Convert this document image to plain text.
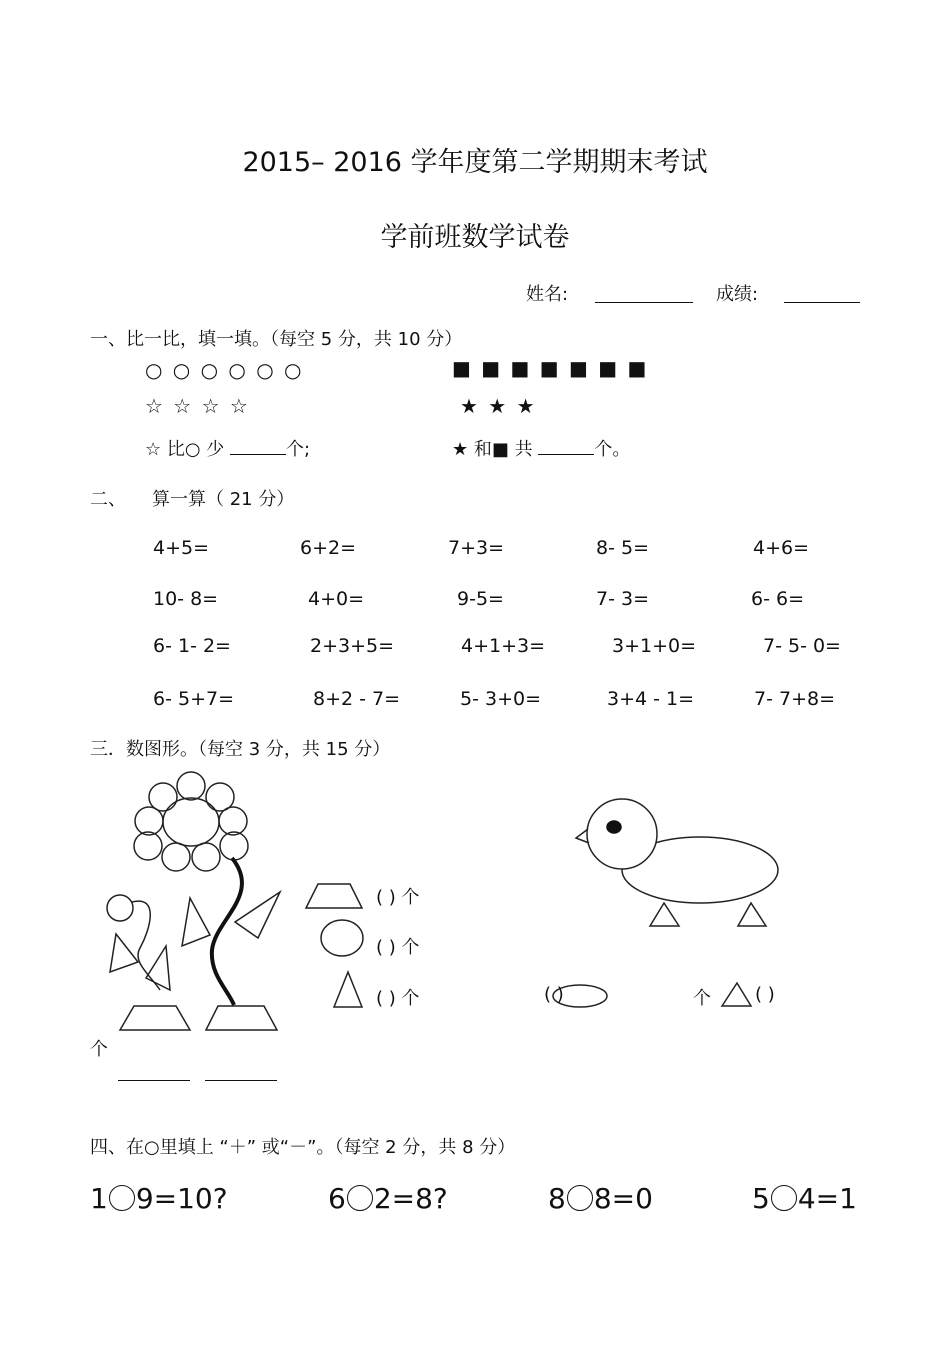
2015– 2016 学年度第二学期期末考试
学前班数学试卷
姓名:	成绩:
一、比一比，填一填。（每空 5 分，共 10 分）
○ ○ ○ ○ ○ ○	■ ■ ■ ■ ■ ■ ■
☆ ☆ ☆ ☆	★ ★ ★
☆ 比○ 少	个;	★ 和■ 共	个。
二、 算一算（ 21 分）
4+5=	6+2=	7+3=	8- 5=	4+6=
10- 8=	4+0=	9-5=	7- 3=	6- 6=
6- 1- 2=	2+3+5=	4+1+3=	3+1+0=	7- 5- 0=
6- 5+7=	8+2 - 7=	5- 3+0=	3+4 - 1=	7- 7+8=
三．数图形。（每空 3 分，共 15 分）
( ) 个
( ) 个
( ) 个	( )	个 ( )
个
四、在○里填上 “＋” 或“－”。（每空 2 分，共 8 分）
1 9=10?	6 2=8?	8 8=0	5 4=1
